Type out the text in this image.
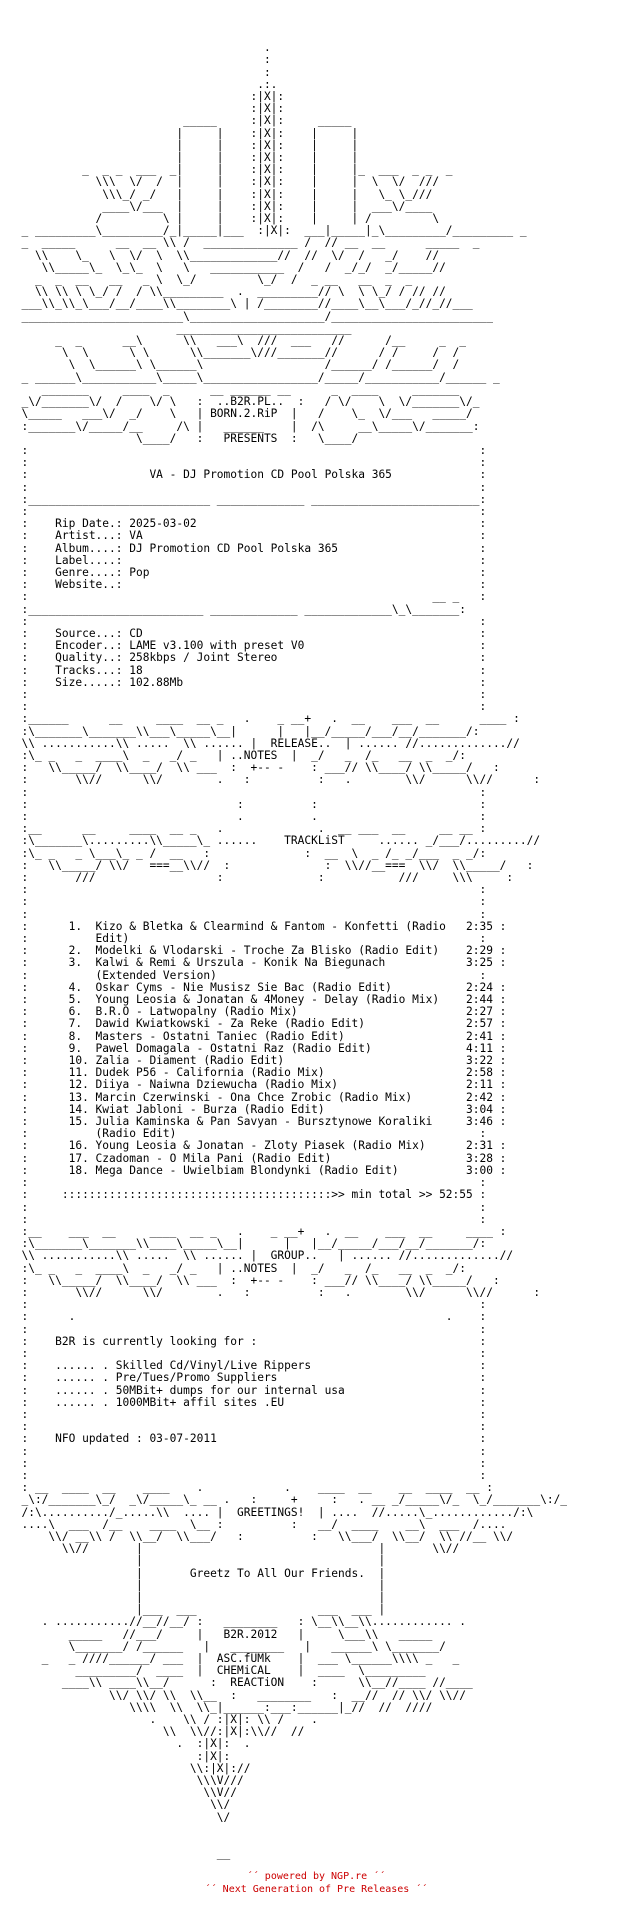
.
:
:
.:.
:|X|:
:|X|:
_____     :|X|:     _____
|     |    :|X|:    |     |
|     |    :|X|:    |     |
|     |    :|X|:    |     |
_  _ _  ___  _|     |    :|X|:    |     |_  ___  _ _  _
\\\  \/  /  |     |    :|X|:    |     |  \  \/  ///
\\\_/ _/   |     |    :|X|:    |     |   \_ \_///
____\/___  |     |    :|X|:    |     |  ___\/____
/         \ |     |    :|X|:    |     | /         \
_ _________\_________/_|_____|___  :|X|:  ___|_____|_\_________/_________ _
_  _____      __  __ \\ /  ______________ /  // __  __      _____  _
\\    \_   \  \/  \  \\_____________//  //  \/  /   _/    //
\\_____\_  \_\_  \   \   ___________  /   /  _/_/  _/_____//
_  _  __   __   _ \  \_/         \_/  /  _ __   __  _  _
\\ \\ \ \_/ /  / \\_________  .  _________// \  \ \_/ / // //
___\\_\\_\___/__/____\\________\ | /________//____\__\___/_//_//___
________________________\____________________/________________________
__________________________
_  _      __\      \\   ___\  ///  ___   //      /__     _  _
\  \      \ \      \\_______\///_______//      / /     /  /
\  \______\ \______\                  /______/ /______/  /
_ ______\___________\_____\_________________/_____/___________/______ _
_______     ____  _      __ ______ __      _  ____     _______
_\/_______\/  /    \/ \   :  ..B2R.PL..  :   / \/    \  \/_______\/_
\_____   ___\/  _/    \   | BORN.2.RiP  |   /    \_  \/___   _____/
:_______\/_____/__     /\ |   ______    |  /\     __\_____\/_______:
\____/   :   PRESENTS  :   \____/
:                                                                   :
:                                                                   :
:                  VA - DJ Promotion CD Pool Polska 365             :
:                                                                   :
:___________________________ _____________ _________________________:
:                                                                   :
:    Rip Date.: 2025-03-02                                          :
:    Artist...: VA                                                  :
:    Album....: DJ Promotion CD Pool Polska 365                     :
:    Label....:                                                     :
:    Genre....: Pop                                                 :
:    Website..:                                                     :
:                                                            __ _   :
:__________________________ _____________ _____________\_\_______:
:                                                                   :
:    Source...: CD                                                  :
:    Encoder..: LAME v3.100 with preset V0                          :
:    Quality..: 258kbps / Joint Stereo                              :
:    Tracks...: 18                                                  :
:    Size.....: 102.88Mb                                            :
:                                                                   :
:                                                                   :
:______      __     ____  __ _   .    _ __+   .  __    ___  __      ____ :
:\_______\_______\\___\_____\__|      |   |__/_____/___/__/_______/:
\\ ...........\\ .....  \\ ...... |  RELEASE..  | ...... //.............//
:\_ _   _  ____\  _   _/ _   | ..NOTES  |  _/   _  /_   __  _  _/:
:   \\_____/  \\____/  \\ ___  :  +-- -    : ___// \\____/ \\_____/   :
:       \\//      \\/        .   :          :   .        \\/      \\//      :
:                                                                   :
:                               :          :                        :
:                               .          .                        :
:__      __     ____  __ _   .              .  __ ___  __     __ __ :
:\_______\.........\\_____\_ ......    TRACKLiST     ...... _/___/.........//
:\_ _   _ \___\_ _ /  __   :              :  __  \  _ /_ _/___  _ _/:
:   \\_____/ \\/   ===__\\//  :              :  \\//__===  \\/  \\_____/   :
:       ///                  :              :           ///     \\\     :
:                                                                   :
:                                                                   :
:                                                                   :
:      1.  Kizo & Bletka & Clearmind & Fantom - Konfetti (Radio   2:35 :
:          Edit)                                                    :
:      2.  Modelki & Vlodarski - Troche Za Blisko (Radio Edit)    2:29 :
:      3.  Kalwi & Remi & Urszula - Konik Na Biegunach            3:25 :
:          (Extended Version)                                       :
:      4.  Oskar Cyms - Nie Musisz Sie Bac (Radio Edit)           2:24 :
:      5.  Young Leosia & Jonatan & 4Money - Delay (Radio Mix)    2:44 :
:      6.  B.R.O - Latwopalny (Radio Mix)                         2:27 :
:      7.  Dawid Kwiatkowski - Za Reke (Radio Edit)               2:57 :
:      8.  Masters - Ostatni Taniec (Radio Edit)                  2:41 :
:      9.  Pawel Domagala - Ostatni Raz (Radio Edit)              4:11 :
:      10. Zalia - Diament (Radio Edit)                           3:22 :
:      11. Dudek P56 - California (Radio Mix)                     2:58 :
:      12. Diiya - Naiwna Dziewucha (Radio Mix)                   2:11 :
:      13. Marcin Czerwinski - Ona Chce Zrobic (Radio Mix)        2:42 :
:      14. Kwiat Jabloni - Burza (Radio Edit)                     3:04 :
:      15. Julia Kaminska & Pan Savyan - Bursztynowe Koraliki     3:46 :
:          (Radio Edit)                                             :
:      16. Young Leosia & Jonatan - Zloty Piasek (Radio Mix)      2:31 :
:      17. Czadoman - O Mila Pani (Radio Edit)                    3:28 :
:      18. Mega Dance - Uwielbiam Blondynki (Radio Edit)          3:00 :
:                                                                   :
:     ::::::::::::::::::::::::::::::::::::::::>> min total >> 52:55 :
:                                                                   :
:                                                                   :
:__    ___  __     ____  __ _   .    _ __+   .  __    ___  __     ____ :
:\_______\_______\\____\_____\__|      |   |__/_____/___/__/_______/:
\\ ...........\\ .....  \\ ...... |  GROUP..   | ...... //.............//
:\_ _   _  ____\  _   _/ _   | ..NOTES  |  _/   _  /_   __  _  _/:
:   \\_____/  \\____/  \\ ___  :  +-- -    : ___// \\____/ \\_____/   :
:       \\//      \\/        .   :          :   .        \\/      \\//      :
:                                                                   :
:      .                                                       .    :
:                                                                   :
:    B2R is currently looking for :                                 :
:                                                                   :
:    ...... . Skilled Cd/Vinyl/Live Rippers                         :
:    ...... . Pre/Tues/Promo Suppliers                              :
:    ...... . 50MBit+ dumps for our internal usa                    :
:    ...... . 1000MBit+ affil sites .EU                             :
:                                                                   :
:                                                                   :
:    NFO updated : 03-07-2011                                       :
:                                                                   :
:                                                                   :
:                                                                   :
: __  ____  __    ____    .            .    ____  __    __  ____  __ :
_\:/_______\_/  _\/_____\_ __ .   :     +     :   . __ _/_____\/_  \_/_______\:/_
/:\........../_.....\\  .... |  GREETINGS!  | ....  //.....\_............/:\
....\  ___  /__    ____  \__ :          :   __/  ____    __\  ___  /....
\\/ __\\ /  \\__/  \\___/   :          :   \\___/  \\__/  \\ //__ \\/
\\//       |                                   |       \\//
|                                   |
|       Greetz To All Our Friends.  |
|                                   |
|                                   |
|___  ___                  ___  ___ |
. ...........//__//__/ :   ________   : \__\\__\\............ .
_____   //___/     |   B2R.2012   |     \___\\   _____
\_______/ /______   |   ________   |   ______\ \_______/
_   _ ////______/ ___  |  ASC.fUMk    |  ___ \______\\\\ _   _
_________/  ____  |  CHEMiCAL    |  ____  \_________
____\\ ____\\__/      :  REACTiON    :      \\__//____ //____
\\/ \\/ \\  \\__  :   ________   :  __//  // \\/ \\//
\\\\  \\  \\_|______:___:______|_//  //  ////
.    \\ / :|X|: \\ /    .
\\  \\//:|X|:\\//  //
.  :|X|:  .
:|X|:
\\:|X|://
\\\V///
\\V//
\\/
\/

__

´´ powered by NGP.re ´´
´´ Next Generation of Pre Releases ´´
